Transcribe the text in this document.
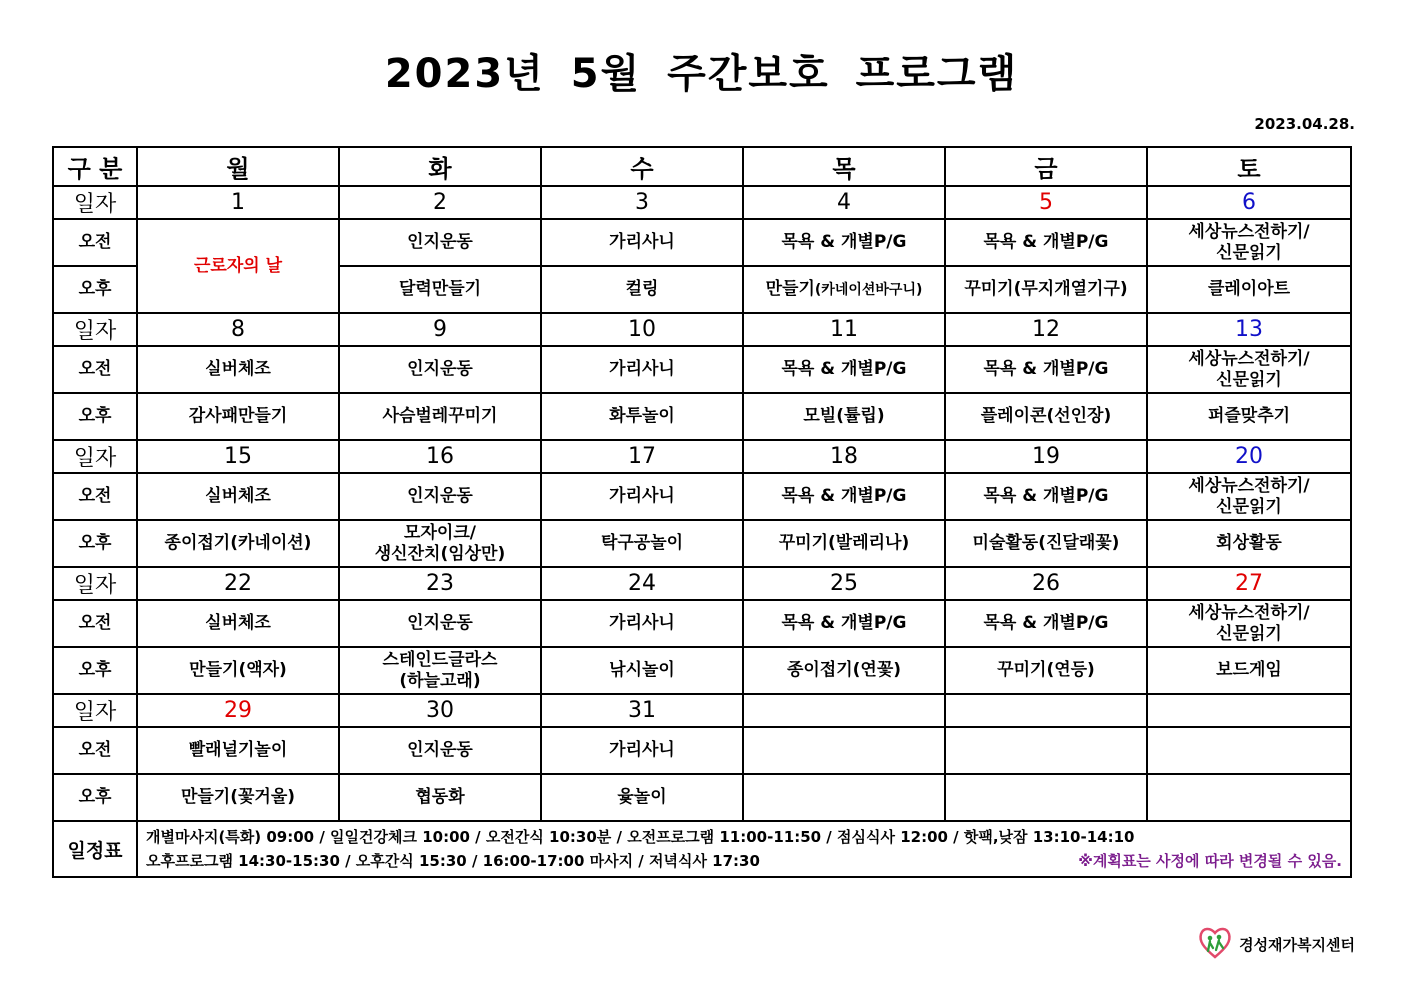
2023년 5월 주간보호 프로그램
2023.04.28.
구 분	월	화	수	목	금	토
일자	1	2	3	4	5	6
오전	근로자의 날	인지운동	가리사니	목욕 & 개별P/G	목욕 & 개별P/G	세상뉴스전하기/
신문읽기
오후		달력만들기	컬링	만들기(카네이션바구니)	꾸미기(무지개열기구)	클레이아트
일자	8	9	10	11	12	13
오전	실버체조	인지운동	가리사니	목욕 & 개별P/G	목욕 & 개별P/G	세상뉴스전하기/
신문읽기
오후	감사패만들기	사슴벌레꾸미기	화투놀이	모빌(튤립)	플레이콘(선인장)	퍼즐맞추기
일자	15	16	17	18	19	20
오전	실버체조	인지운동	가리사니	목욕 & 개별P/G	목욕 & 개별P/G	세상뉴스전하기/
신문읽기
오후	종이접기(카네이션)	모자이크/
생신잔치(임상만)	탁구공놀이	꾸미기(발레리나)	미술활동(진달래꽃)	회상활동
일자	22	23	24	25	26	27
오전	실버체조	인지운동	가리사니	목욕 & 개별P/G	목욕 & 개별P/G	세상뉴스전하기/
신문읽기
오후	만들기(액자)	스테인드글라스
(하늘고래)	낚시놀이	종이접기(연꽃)	꾸미기(연등)	보드게임
일자	29	30	31			
오전	빨래널기놀이	인지운동	가리사니			
오후	만들기(꽃거울)	협동화	윷놀이			
일정표	개별마사지(특화) 09:00 / 일일건강체크 10:00 / 오전간식 10:30분 / 오전프로그램 11:00-11:50 / 점심식사 12:00 / 핫팩,낮잠 13:10-14:10
오후프로그램 14:30-15:30 / 오후간식 15:30 / 16:00-17:00 마사지 / 저녁식사 17:30 ※계획표는 사정에 따라 변경될 수 있음.					
경성재가복지센터
